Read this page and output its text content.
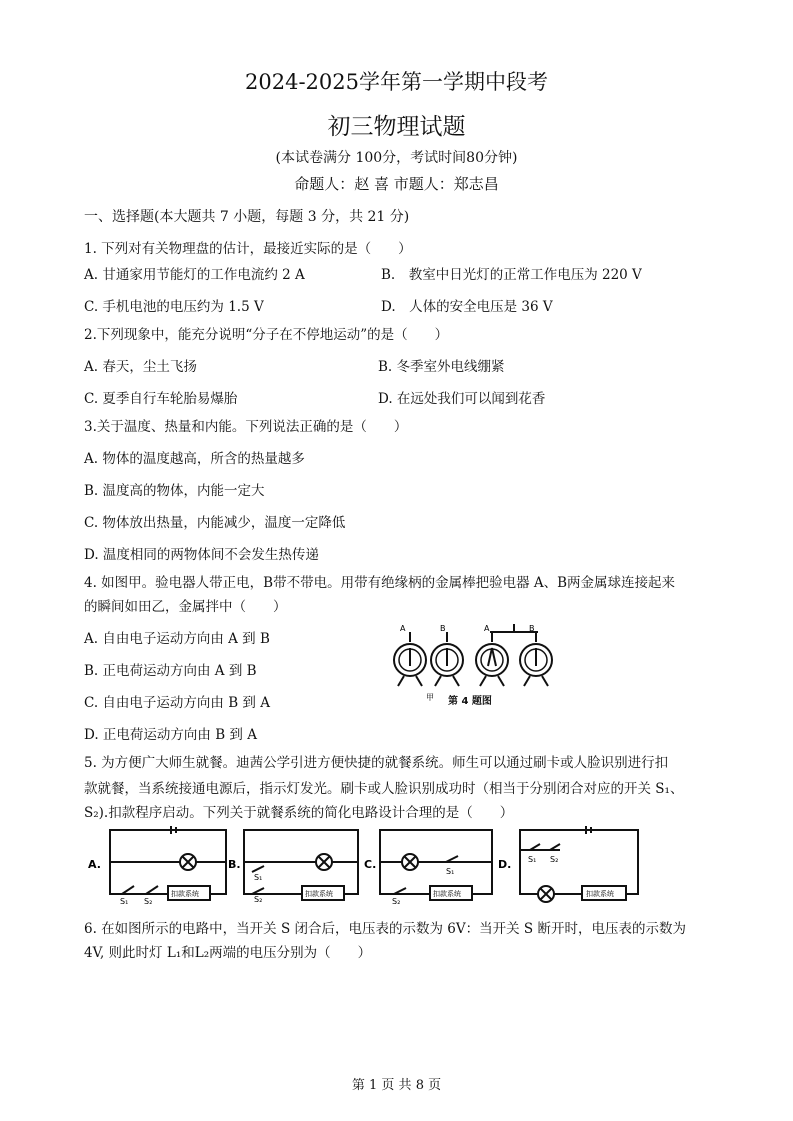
2024-2025学年第一学期中段考
初三物理试题
(本试卷满分 100分，考试时间80分钟)
命题人：赵 喜 市题人：郑志昌
一、选择题(本大题共 7 小题，每题 3 分，共 21 分)
1. 下列对有关物理盘的估计，最接近实际的是（　　）
A. 甘通家用节能灯的工作电流约 2 A	B.　教室中日光灯的正常工作电压为 220 V
C. 手机电池的电压约为 1.5 V	D.　人体的安全电压是 36 V
2.下列现象中，能充分说明“分子在不停地运动”的是（　　）
A. 春天，尘土飞扬	B. 冬季室外电线绷紧
C. 夏季自行车轮胎易爆胎	D. 在远处我们可以闻到花香
3.关于温度、热量和内能。下列说法正确的是（　　）
A. 物体的温度越高，所含的热量越多
B. 温度高的物体，内能一定大
C. 物体放出热量，内能减少，温度一定降低
D. 温度相同的两物体间不会发生热传递
4. 如图甲。验电器人带正电，B带不带电。用带有绝缘柄的金属棒把验电器 A、B两金属球连接起来
的瞬间如田乙，金属拌中（　　）
A. 自由电子运动方向由 A 到 B
B. 正电荷运动方向由 A 到 B
C. 自由电子运动方向由 B 到 A
D. 正电荷运动方向由 B 到 A
A	B	A	B
甲 第 4 题图
5. 为方便广大师生就餐。迪茜公学引进方便快捷的就餐系统。师生可以通过刷卡或人脸识别进行扣
款就餐，当系统接通电源后，指示灯发光。刷卡或人脸识别成功时（相当于分别闭合对应的开关 S₁、
S₂).扣款程序启动。下列关于就餐系统的简化电路设计合理的是（　　）
A.	B.	C.	D.
扣款系统	扣款系统	扣款系统	扣款系统
S₁ S₂
S₁
S₂
S₁
S₂
S₁ S₂
6. 在如图所示的电路中，当开关 S 闭合后，电压表的示数为 6V：当开关 S 断开时，电压表的示数为
4V, 则此时灯 L₁和L₂两端的电压分别为（　　）
第 1 页 共 8 页
